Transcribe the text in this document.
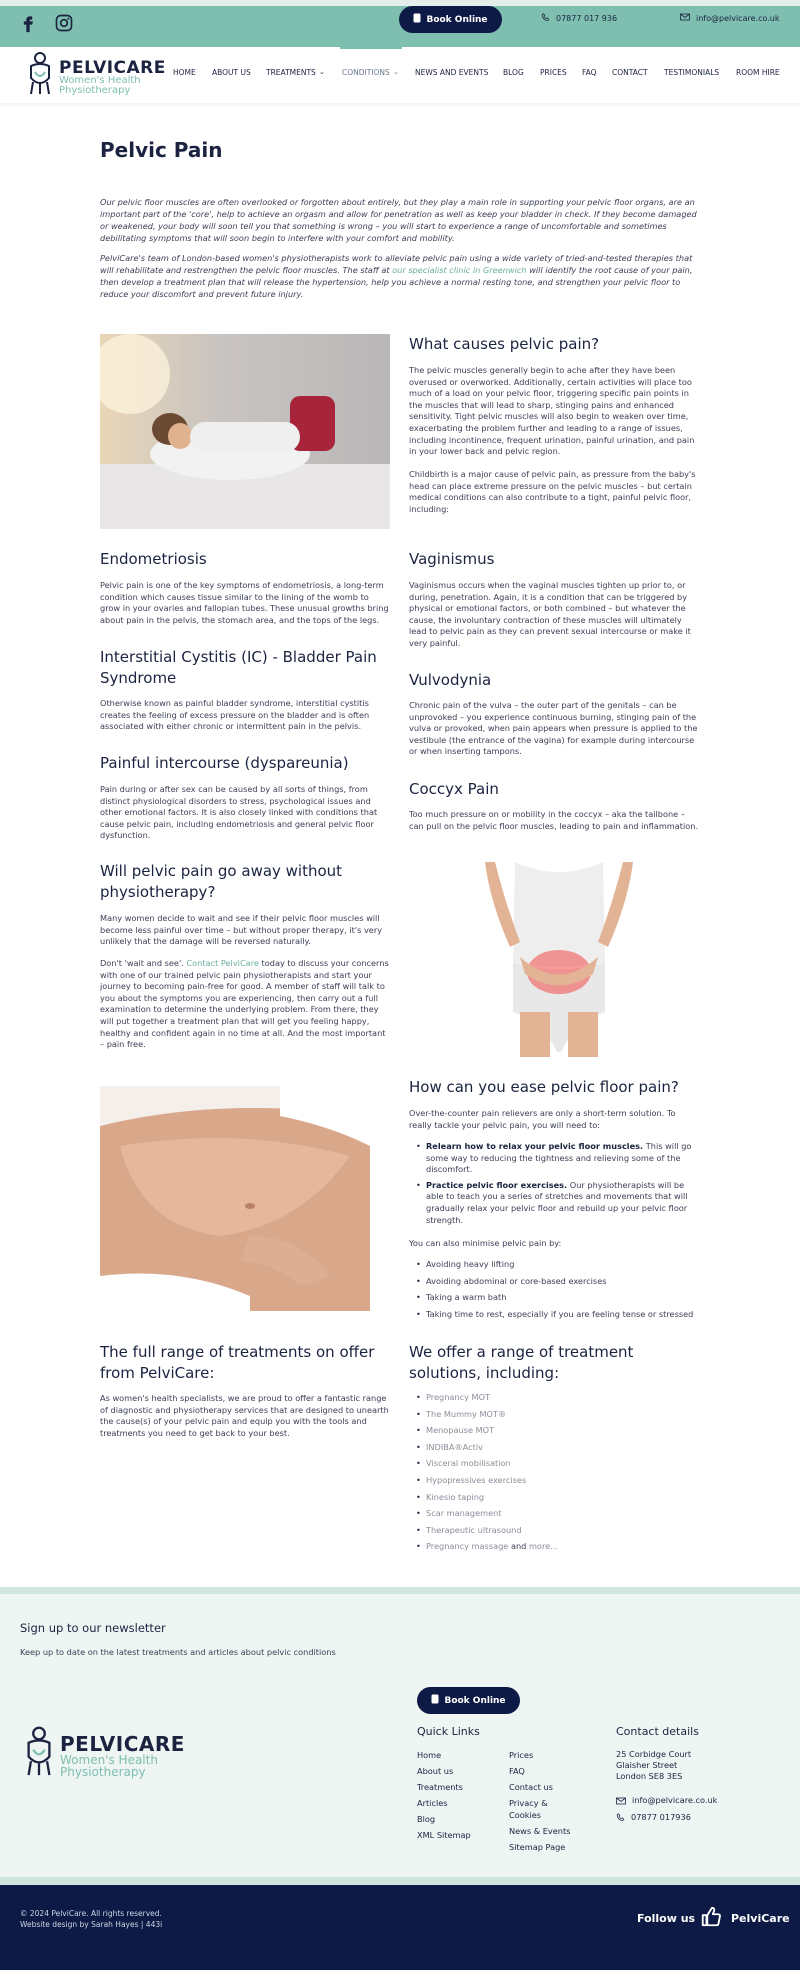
Book Online	07877 017 936	info@pelvicare.co.uk
PELVICARE
Women's Health
Physiotherapy
HOME ABOUT US TREATMENTS ⌄ CONDITIONS ⌄ NEWS AND EVENTS BLOG PRICES FAQ CONTACT TESTIMONIALS ROOM HIRE
Pelvic Pain

Our pelvic floor muscles are often overlooked or forgotten about entirely, but they play a main role in supporting your pelvic floor organs, are an important part of the 'core', help to achieve an orgasm and allow for penetration as well as keep your bladder in check. If they become damaged or weakened, your body will soon tell you that something is wrong – you will start to experience a range of uncomfortable and sometimes debilitating symptoms that will soon begin to interfere with your comfort and mobility.

PelviCare's team of London-based women's physiotherapists work to alleviate pelvic pain using a wide variety of tried-and-tested therapies that will rehabilitate and restrengthen the pelvic floor muscles. The staff at our specialist clinic in Greenwich will identify the root cause of your pain, then develop a treatment plan that will release the hypertension, help you achieve a normal resting tone, and strengthen your pelvic floor to reduce your discomfort and prevent future injury.

What causes pelvic pain?

The pelvic muscles generally begin to ache after they have been overused or overworked. Additionally, certain activities will place too much of a load on your pelvic floor, triggering specific pain points in the muscles that will lead to sharp, stinging pains and enhanced sensitivity. Tight pelvic muscles will also begin to weaken over time, exacerbating the problem further and leading to a range of issues, including incontinence, frequent urination, painful urination, and pain in your lower back and pelvic region.

Childbirth is a major cause of pelvic pain, as pressure from the baby's head can place extreme pressure on the pelvic muscles – but certain medical conditions can also contribute to a tight, painful pelvic floor, including:

Endometriosis

Pelvic pain is one of the key symptoms of endometriosis, a long-term condition which causes tissue similar to the lining of the womb to grow in your ovaries and fallopian tubes. These unusual growths bring about pain in the pelvis, the stomach area, and the tops of the legs.

Interstitial Cystitis (IC) - Bladder Pain Syndrome

Otherwise known as painful bladder syndrome, interstitial cystitis creates the feeling of excess pressure on the bladder and is often associated with either chronic or intermittent pain in the pelvis.

Painful intercourse (dyspareunia)

Pain during or after sex can be caused by all sorts of things, from distinct physiological disorders to stress, psychological issues and other emotional factors. It is also closely linked with conditions that cause pelvic pain, including endometriosis and general pelvic floor dysfunction.

Vaginismus

Vaginismus occurs when the vaginal muscles tighten up prior to, or during, penetration. Again, it is a condition that can be triggered by physical or emotional factors, or both combined – but whatever the cause, the involuntary contraction of these muscles will ultimately lead to pelvic pain as they can prevent sexual intercourse or make it very painful.

Vulvodynia

Chronic pain of the vulva – the outer part of the genitals – can be unprovoked – you experience continuous burning, stinging pain of the vulva or provoked, when pain appears when pressure is applied to the vestibule (the entrance of the vagina) for example during intercourse or when inserting tampons.

Coccyx Pain

Too much pressure on or mobility in the coccyx – aka the tailbone – can pull on the pelvic floor muscles, leading to pain and inflammation.

Will pelvic pain go away without physiotherapy?

Many women decide to wait and see if their pelvic floor muscles will become less painful over time – but without proper therapy, it's very unlikely that the damage will be reversed naturally.

Don't 'wait and see'. Contact PelviCare today to discuss your concerns with one of our trained pelvic pain physiotherapists and start your journey to becoming pain-free for good. A member of staff will talk to you about the symptoms you are experiencing, then carry out a full examination to determine the underlying problem. From there, they will put together a treatment plan that will get you feeling happy, healthy and confident again in no time at all. And the most important – pain free.

How can you ease pelvic floor pain?

Over-the-counter pain relievers are only a short-term solution. To really tackle your pelvic pain, you will need to:

• Relearn how to relax your pelvic floor muscles. This will go some way to reducing the tightness and relieving some of the discomfort.
• Practice pelvic floor exercises. Our physiotherapists will be able to teach you a series of stretches and movements that will gradually relax your pelvic floor and rebuild up your pelvic floor strength.

You can also minimise pelvic pain by:

• Avoiding heavy lifting
• Avoiding abdominal or core-based exercises
• Taking a warm bath
• Taking time to rest, especially if you are feeling tense or stressed
The full range of treatments on offer from PelviCare:

As women's health specialists, we are proud to offer a fantastic range of diagnostic and physiotherapy services that are designed to unearth the cause(s) of your pelvic pain and equip you with the tools and treatments you need to get back to your best.

We offer a range of treatment solutions, including:
• Pregnancy MOT
• The Mummy MOT®
• Menopause MOT
• INDIBA®Activ
• Visceral mobilisation
• Hypopressives exercises
• Kinesio taping
• Scar management
• Therapeutic ultrasound
• Pregnancy massage and more...
Sign up to our newsletter
Keep up to date on the latest treatments and articles about pelvic conditions
Book Online
PELVICARE
Women's Health
Physiotherapy
Quick Links
Home
About us
Treatments
Articles
Blog
XML Sitemap
Prices
FAQ
Contact us
Privacy & Cookies
News & Events
Sitemap Page
Contact details
25 Corbidge Court
Glaisher Street
London SE8 3ES
info@pelvicare.co.uk
07877 017936
© 2024 PelviCare. All rights reserved.
Website design by Sarah Hayes | 443i	Follow us	PelviCare
